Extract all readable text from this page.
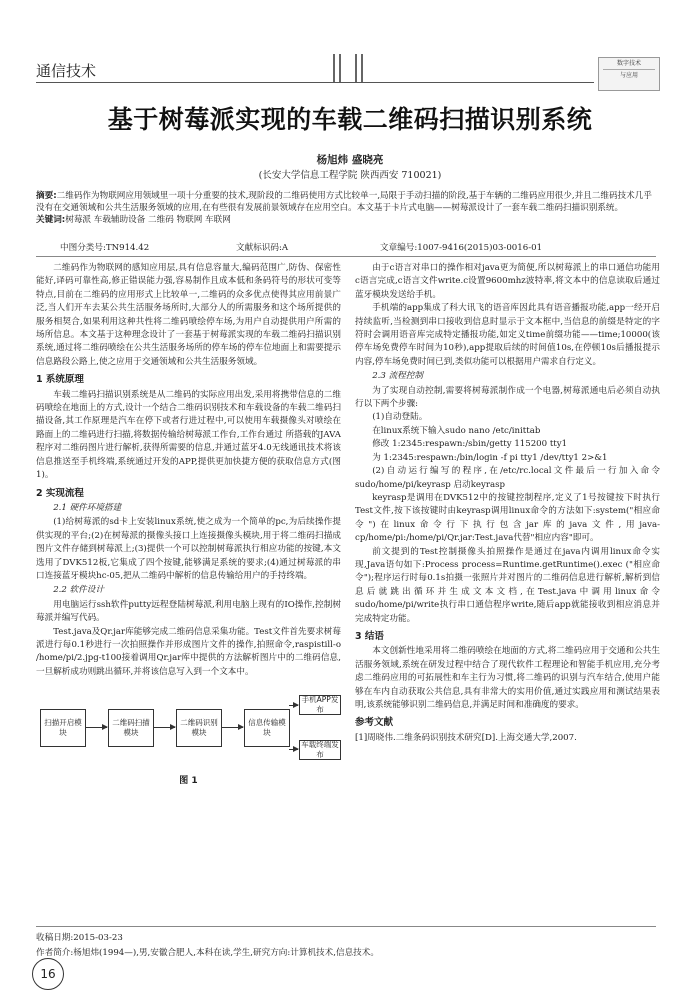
通信技术	数字技术
与应用
基于树莓派实现的车载二维码扫描识别系统
杨旭炜 盛晓亮
(长安大学信息工程学院 陕西西安 710021)
摘要:二维码作为物联网应用领域里一项十分重要的技术,现阶段的二维码使用方式比较单一,局限于手动扫描的阶段,基于车辆的二维码应用很少,并且二维码技术几乎没有在交通领域和公共生活服务领域的应用,在有些很有发展前景领域存在应用空白。本文基于卡片式电脑——树莓派设计了一套车载二维码扫描识别系统。
关键词:树莓派 车载辅助设备 二维码 物联网 车联网
中图分类号:TN914.42	文献标识码:A	文章编号:1007-9416(2015)03-0016-01

二维码作为物联网的感知应用层,具有信息容量大,编码范围广,防伪、保密性能好,译码可靠性高,修正错误能力强,容易制作且成本低和条码符号的形状可变等特点,目前在二维码的应用形式上比较单一,二维码的众多优点使得其应用前景广泛,当人们开车去某公共生活服务场所时,大部分人的所需服务和这个场所提供的服务相契合,如果利用这种共性将二维码喷绘停车场,为用户自动提供用户所需的场所信息。本文基于这种理念设计了一套基于树莓派实现的车载二维码扫描识别系统,通过将二维码喷绘在公共生活服务场所的停车场的停车位地面上和需要提示信息路段公路上,使之应用于交通领域和公共生活服务领域。

1 系统原理

车载二维码扫描识别系统是从二维码的实际应用出发,采用将携带信息的二维码喷绘在地面上的方式,设计一个结合二维码识别技术和车载设备的车载二维码扫描设备,其工作原理是汽车在停下或者行进过程中,可以使用车载摄像头对喷绘在路面上的二维码进行扫描,将数据传输给树莓派工作台,工作台通过 所搭载的JAVA程序对二维码图片进行解析,获得所需要的信息,并通过蓝牙4.0无线通讯技术将该信息推送至手机终端,系统通过开发的APP,提供更加快捷方便的获取信息方式(图1)。

2 实现流程
2.1 硬件环境搭建

(1)给树莓派的sd卡上安装linux系统,使之成为一个简单的pc,为后续操作提供实现的平台;(2)在树莓派的摄像头接口上连接摄像头模块,用于将二维码扫描成图片文件存储到树莓派上;(3)提供一个可以控制树莓派执行相应功能的按键,本文选用了DVK512板,它集成了四个按键,能够满足系统的要求;(4)通过树莓派的串口连接蓝牙模块hc-05,把从二维码中解析的信息传输给用户的手持终端。

2.2 软件设计

用电脑运行ssh软件putty远程登陆树莓派,利用电脑上现有的IO操作,控制树莓派并编写代码。

Test.java及Qr.jar库能够完成二维码信息采集功能。Test文件首先要求树莓派进行每0.1秒进行一次拍照操作并形成图片文件的操作,拍照命令,raspistill-o /home/pi/2.jpg-t100接着调用Qr.jar库中提供的方法解析图片中的二维码信息,一旦解析成功则跳出循环,并将该信息写入到一个文本中。

扫描开启模块
二维码扫描模块
二维码识别模块
信息传输模块
手机APP发布
车载终端发布
图 1

由于c语言对串口的操作相对java更为简便,所以树莓派上的串口通信功能用c语言完成,c语言文件write.c设置9600mhz波特率,将文本中的信息读取后通过蓝牙模块发送给手机。

手机端的app集成了科大讯飞的语音库因此具有语音播报功能,app一经开启持续监听,当检测到串口接收到信息时显示于文本框中,当信息的前缀是特定的字符时会调用语音库完成特定播报功能,如定义time前缀功能——time;10000(该停车场免费停车时间为10秒),app提取后续的时间值10s,在停顿10s后播报提示内容,停车场免费时间已到,类似功能可以根据用户需求自行定义。

2.3 流程控制

为了实现自动控制,需要将树莓派制作成一个电器,树莓派通电后必须自动执行以下两个步骤:

(1)自动登陆。

在linux系统下输入sudo nano /etc/inittab

修改 1:2345:respawn:/sbin/getty 115200 tty1

为 1:2345:respawn:/bin/login -f pi tty1 /dev/tty1 2>&1

(2)自动运行编写的程序,在/etc/rc.local文件最后一行加入命令sudo/home/pi/keyrasp 启动keyrasp

keyrasp是调用在DVK512中的按键控制程序,定义了1号按键按下时执行Test文件,按下该按键时由keyrasp调用linux命令的方法如下:system("相应命令")在linux命令行下执行包含jar库的java文件,用java-cp/home/pi:/home/pi/Qr.jar:Test.java代替"相应内容"即可。

前文提到的Test控制摄像头拍照操作是通过在java内调用linux命令实现,Java语句如下:Process process=Runtime.getRuntime().exec ("相应命令");程序运行时每0.1s拍摄一张照片并对图片的二维码信息进行解析,解析到信息后就跳出循环并生成文本文档,在Test.java中调用linux命令sudo/home/pi/write执行串口通信程序write,随后app就能接收到相应消息并完成特定功能。

3 结语

本文创新性地采用将二维码喷绘在地面的方式,将二维码应用于交通和公共生活服务领域,系统在研发过程中结合了现代软件工程理论和智能手机应用,充分考虑二维码应用的可拓展性和车主行为习惯,将二维码的识别与汽车结合,使用户能够在车内自动获取公共信息,具有非常大的实用价值,通过实践应用和测试结果表明,该系统能够识别二维码信息,并满足时间和准确度的要求。

参考文献

[1]周晓伟.二维条码识别技术研究[D].上海交通大学,2007.

收稿日期:2015-03-23
作者简介:杨旭炜(1994—),男,安徽合肥人,本科在读,学生,研究方向:计算机技术,信息技术。
16
